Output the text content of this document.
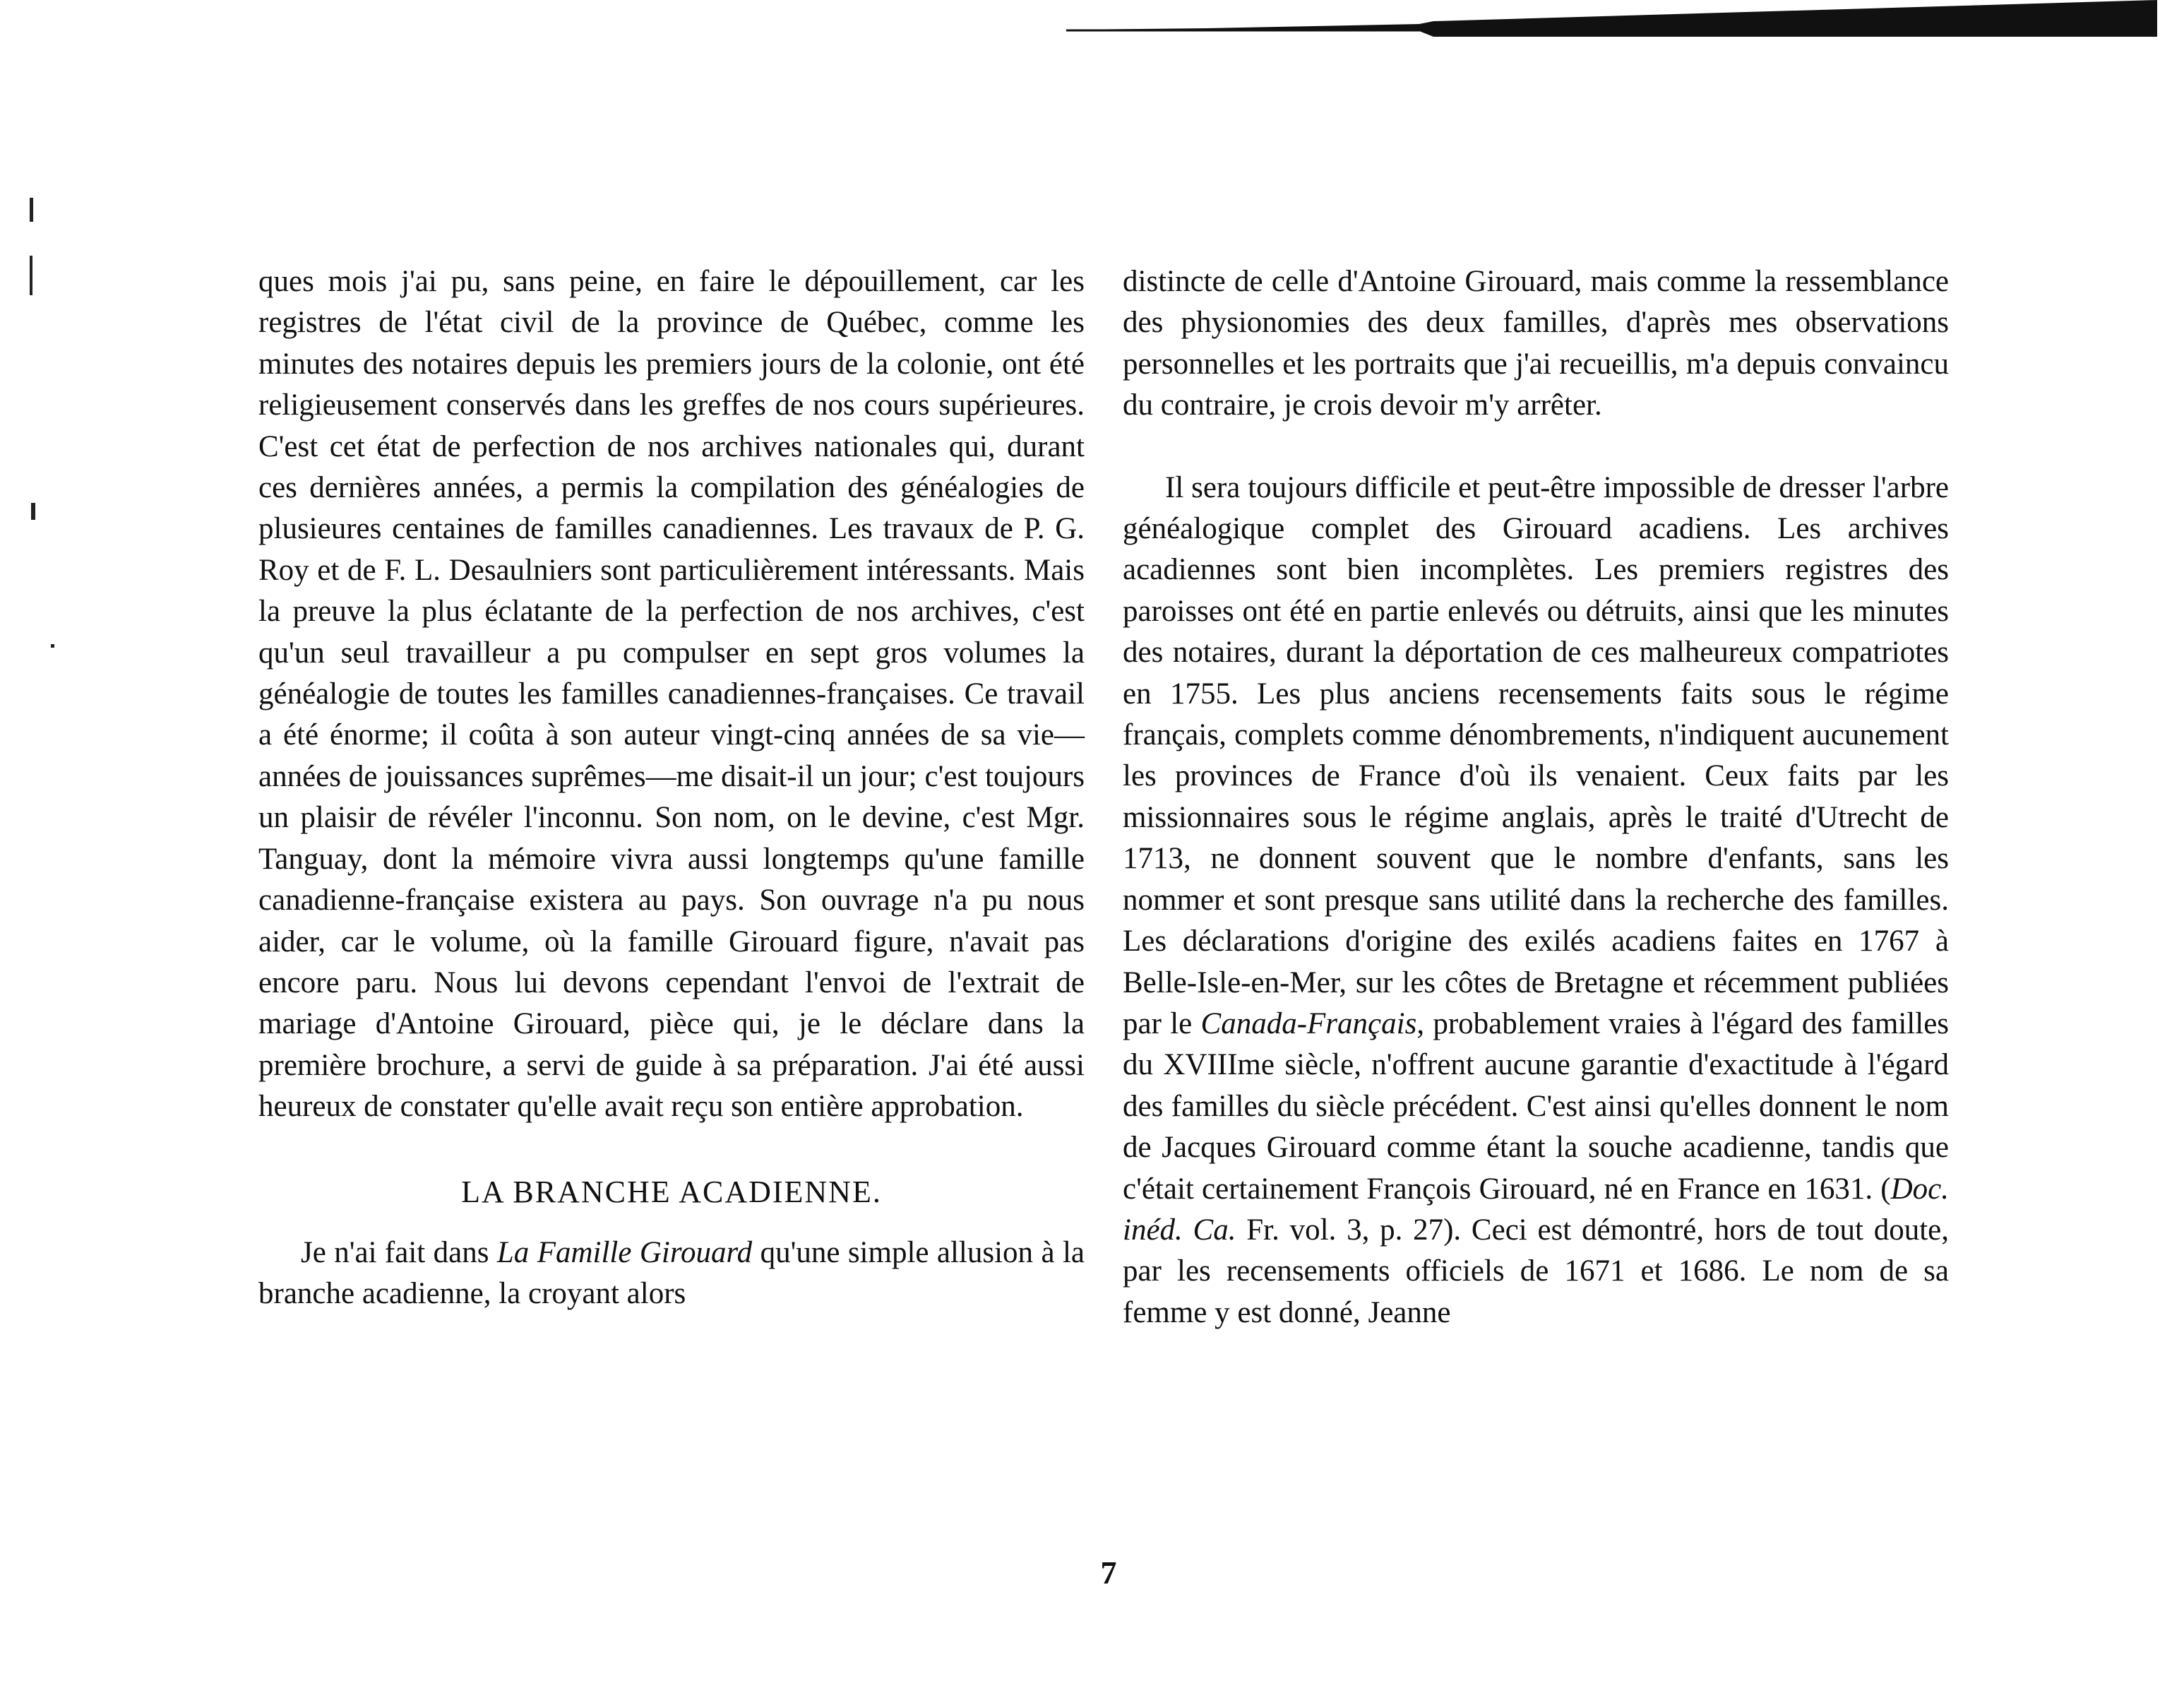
ques mois j'ai pu, sans peine, en faire le dépouillement, car les registres de l'état civil de la province de Québec, comme les minutes des notaires depuis les premiers jours de la colonie, ont été religieusement conservés dans les greffes de nos cours supérieures. C'est cet état de perfection de nos archives nationales qui, durant ces dernières années, a permis la compilation des généalogies de plusieures centaines de familles canadiennes. Les travaux de P. G. Roy et de F. L. Desaulniers sont particulièrement intéressants. Mais la preuve la plus éclatante de la perfection de nos archives, c'est qu'un seul travailleur a pu compulser en sept gros volumes la généalogie de toutes les familles canadiennes-françaises. Ce travail a été énorme; il coûta à son auteur vingt-cinq années de sa vie—années de jouissances suprêmes—me disait-il un jour; c'est toujours un plaisir de révéler l'inconnu. Son nom, on le devine, c'est Mgr. Tanguay, dont la mémoire vivra aussi longtemps qu'une famille canadienne-française existera au pays. Son ouvrage n'a pu nous aider, car le volume, où la famille Girouard figure, n'avait pas encore paru. Nous lui devons cependant l'envoi de l'extrait de mariage d'Antoine Girouard, pièce qui, je le déclare dans la première brochure, a servi de guide à sa préparation. J'ai été aussi heureux de constater qu'elle avait reçu son entière approbation.

LA BRANCHE ACADIENNE.

Je n'ai fait dans La Famille Girouard qu'une simple allusion à la branche acadienne, la croyant alors

distincte de celle d'Antoine Girouard, mais comme la ressemblance des physionomies des deux familles, d'après mes observations personnelles et les portraits que j'ai recueillis, m'a depuis convaincu du contraire, je crois devoir m'y arrêter.

Il sera toujours difficile et peut-être impossible de dresser l'arbre généalogique complet des Girouard acadiens. Les archives acadiennes sont bien incomplètes. Les premiers registres des paroisses ont été en partie enlevés ou détruits, ainsi que les minutes des notaires, durant la déportation de ces malheureux compatriotes en 1755. Les plus anciens recensements faits sous le régime français, complets comme dénombrements, n'indiquent aucunement les provinces de France d'où ils venaient. Ceux faits par les missionnaires sous le régime anglais, après le traité d'Utrecht de 1713, ne donnent souvent que le nombre d'enfants, sans les nommer et sont presque sans utilité dans la recherche des familles. Les déclarations d'origine des exilés acadiens faites en 1767 à Belle-Isle-en-Mer, sur les côtes de Bretagne et récemment publiées par le Canada-Français, probablement vraies à l'égard des familles du XVIIIme siècle, n'offrent aucune garantie d'exactitude à l'égard des familles du siècle précédent. C'est ainsi qu'elles donnent le nom de Jacques Girouard comme étant la souche acadienne, tandis que c'était certainement François Girouard, né en France en 1631. (Doc. inéd. Ca. Fr. vol. 3, p. 27). Ceci est démontré, hors de tout doute, par les recensements officiels de 1671 et 1686. Le nom de sa femme y est donné, Jeanne

7
